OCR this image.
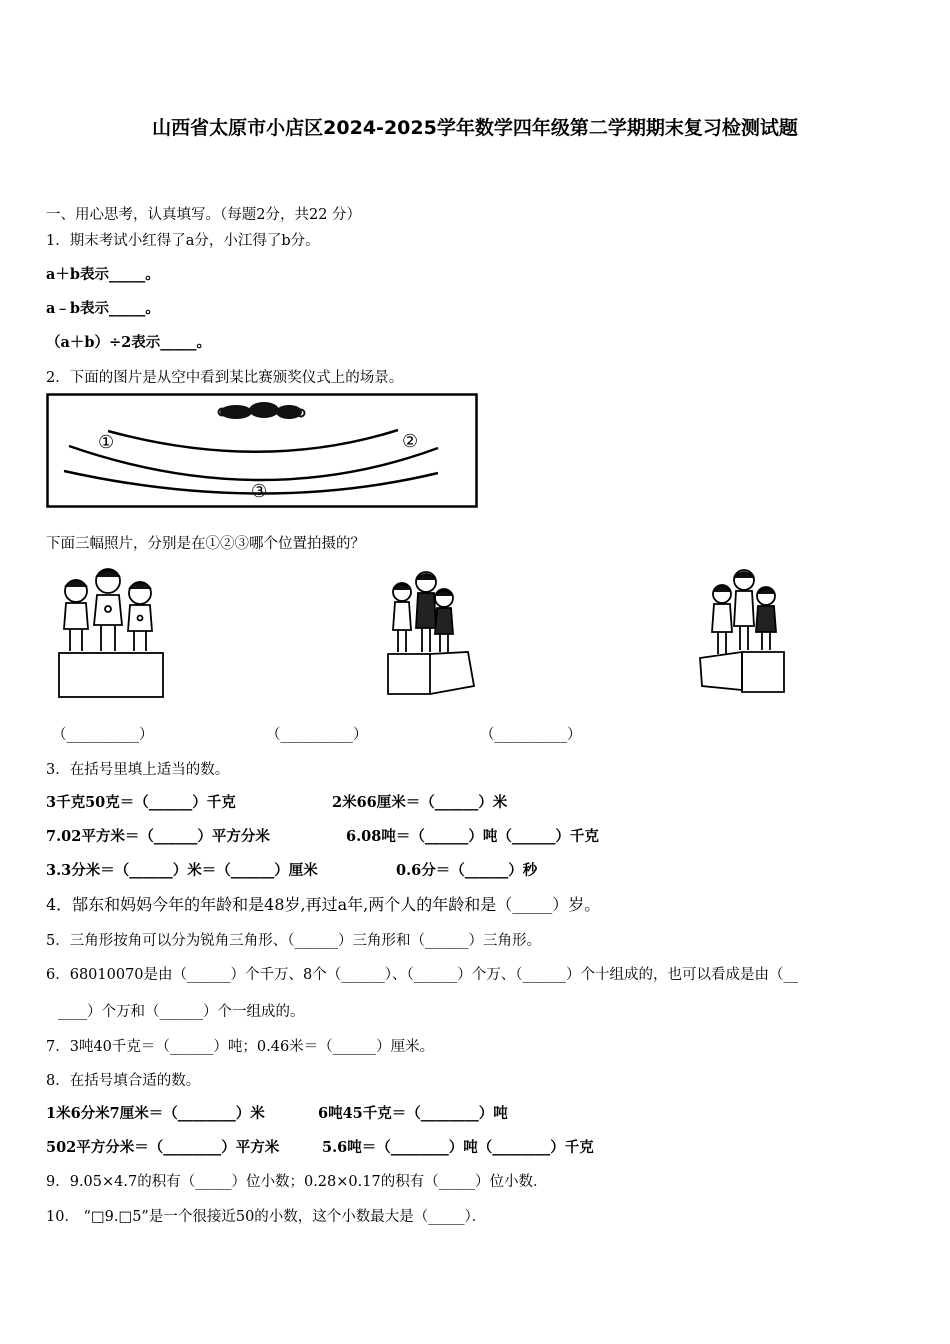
山西省太原市小店区2024-2025学年数学四年级第二学期期末复习检测试题
一、用心思考，认真填写。（每题2分，共22 分）
1．期末考试小红得了a分，小江得了b分。
a＋b表示_____。
a﹣b表示_____。
（a＋b）÷2表示_____。
2．下面的图片是从空中看到某比赛颁奖仪式上的场景。
①	②
③
下面三幅照片，分别是在①②③哪个位置拍摄的？
（__________）	（__________）	（__________）
3．在括号里填上适当的数。
3千克50克＝（______）千克	2米66厘米＝（______）米
7.02平方米＝（______）平方分米	6.08吨＝（______）吨（______）千克
3.3分米＝（______）米＝（______）厘米	0.6分＝（______）秒
4．郜东和妈妈今年的年龄和是48岁,再过a年,两个人的年龄和是（_____）岁。
5．三角形按角可以分为锐角三角形、（______）三角形和（______）三角形。
6．68010070是由（______）个千万、8个（______）、（______）个万、（______）个十组成的，也可以看成是由（__
____）个万和（______）个一组成的。
7．3吨40千克＝（______）吨；0.46米＝（______）厘米。
8．在括号填合适的数。
1米6分米7厘米＝（________）米	6吨45千克＝（________）吨
502平方分米＝（________）平方米	5.6吨＝（________）吨（________）千克
9．9.05×4.7的积有（_____）位小数；0.28×0.17的积有（_____）位小数．
10． “□9.□5”是一个很接近50的小数，这个小数最大是（_____）．
